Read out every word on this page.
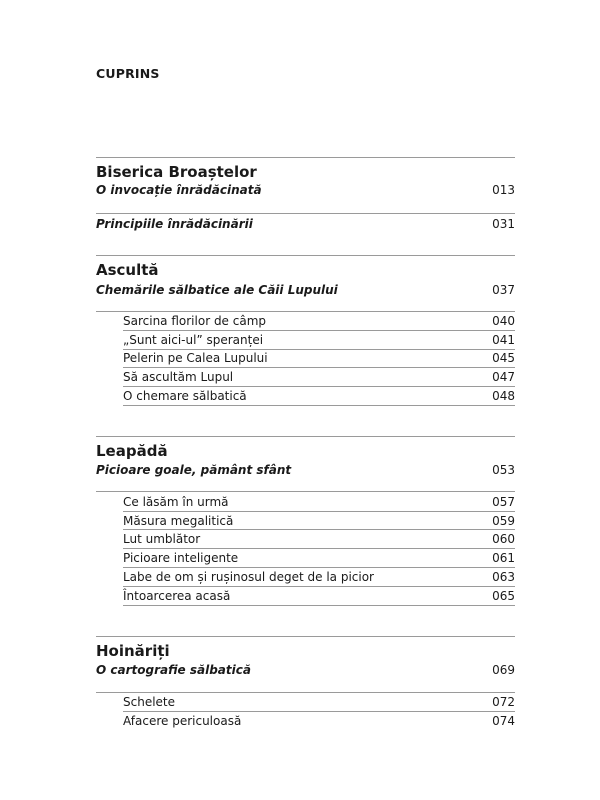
CUPRINS
Biserica Broaștelor
O invocație înrădăcinată	013
Principiile înrădăcinării	031
Ascultă
Chemările sălbatice ale Căii Lupului	037
Sarcina florilor de câmp	040
„Sunt aici-ul” speranței	041
Pelerin pe Calea Lupului	045
Să ascultăm Lupul	047
O chemare sălbatică	048
Leapădă
Picioare goale, pământ sfânt	053
Ce lăsăm în urmă	057
Măsura megalitică	059
Lut umblător	060
Picioare inteligente	061
Labe de om și rușinosul deget de la picior	063
Întoarcerea acasă	065
Hoinăriți
O cartografie sălbatică	069
Schelete	072
Afacere periculoasă	074
